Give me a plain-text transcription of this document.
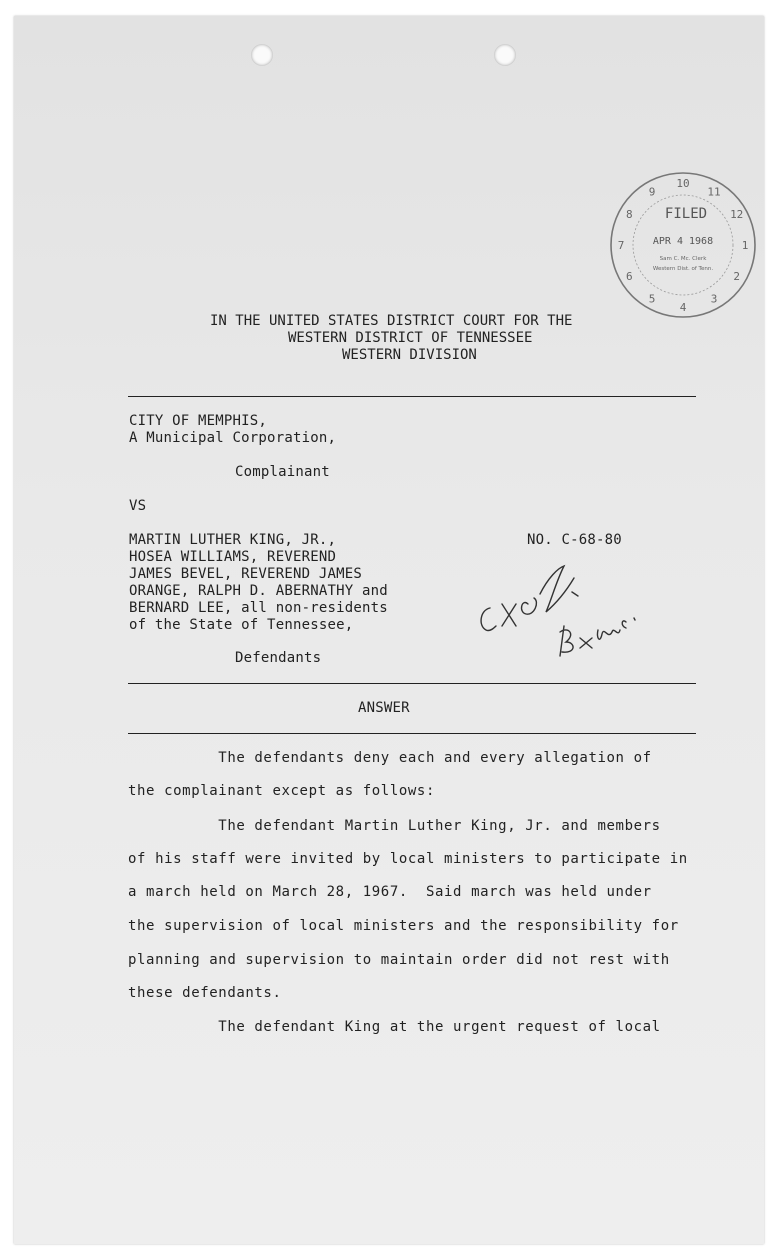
9
10
11
12
1
2
3
4
5
6
7
8 FILED
APR 4 1968
Sam C. Mc. Clerk
Western Dist. of Tenn.
IN THE UNITED STATES DISTRICT COURT FOR THE
WESTERN DISTRICT OF TENNESSEE
WESTERN DIVISION
CITY OF MEMPHIS,
A Municipal Corporation,
Complainant
VS
MARTIN LUTHER KING, JR.,
HOSEA WILLIAMS, REVEREND
JAMES BEVEL, REVEREND JAMES
ORANGE, RALPH D. ABERNATHY and
BERNARD LEE, all non-residents
of the State of Tennessee,
Defendants
NO. C-68-80
ANSWER
The defendants deny each and every allegation of
the complainant except as follows:
The defendant Martin Luther King, Jr. and members
of his staff were invited by local ministers to participate in
a march held on March 28, 1967.  Said march was held under
the supervision of local ministers and the responsibility for
planning and supervision to maintain order did not rest with
these defendants.
The defendant King at the urgent request of local
